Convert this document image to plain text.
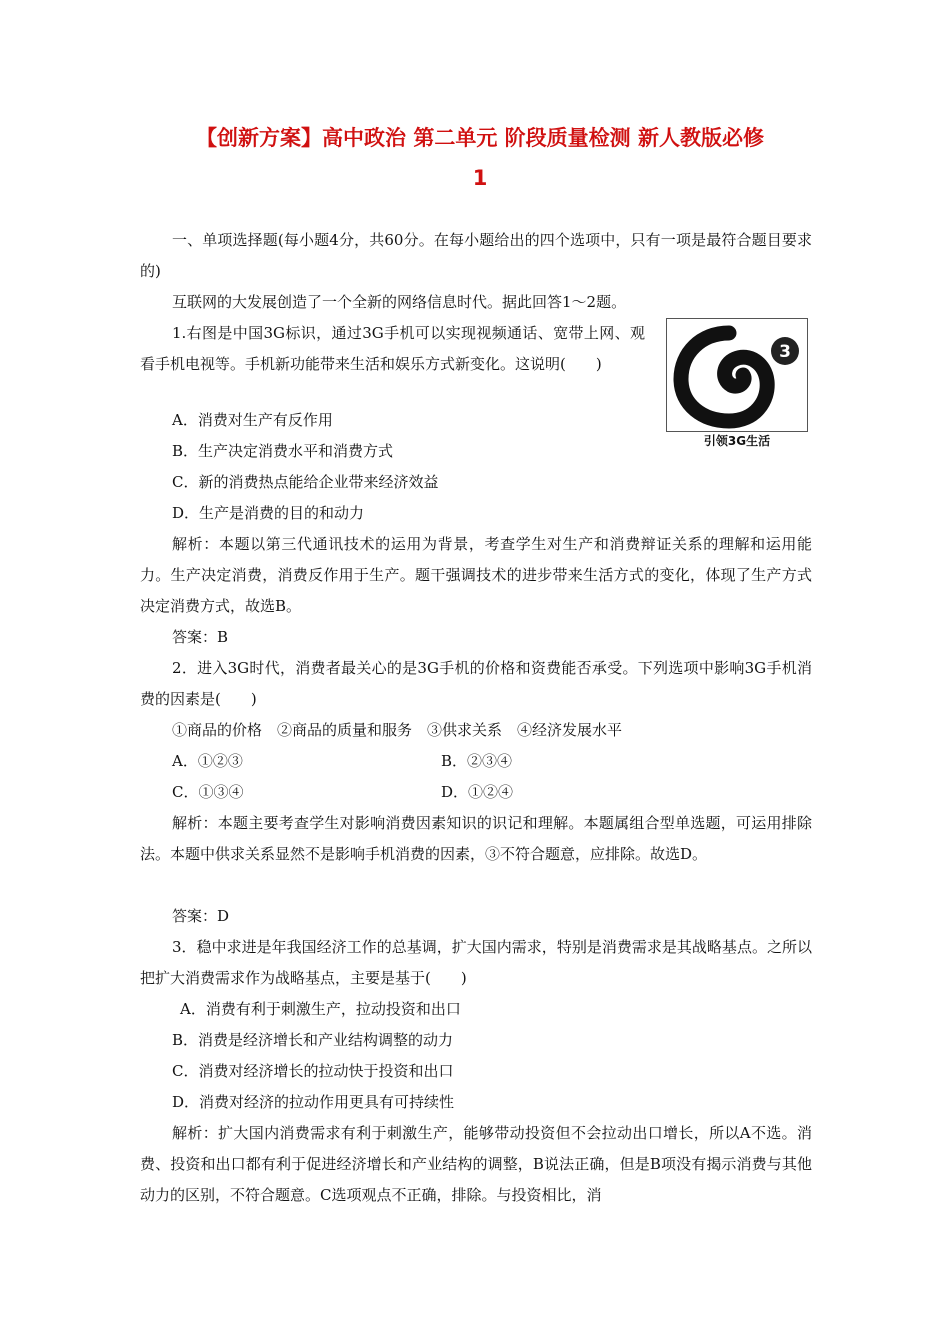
【创新方案】高中政治 第二单元 阶段质量检测 新人教版必修
1

一、单项选择题(每小题4分，共60分。在每小题给出的四个选项中，只有一项是最符合题目要求的)

互联网的大发展创造了一个全新的网络信息时代。据此回答1～2题。

1.右图是中国3G标识，通过3G手机可以实现视频通话、宽带上网、观看手机电视等。手机新功能带来生活和娱乐方式新变化。这说明(　　)

3
引领3G生活
A．消费对生产有反作用
B．生产决定消费水平和消费方式
C．新的消费热点能给企业带来经济效益
D．生产是消费的目的和动力

解析：本题以第三代通讯技术的运用为背景，考查学生对生产和消费辩证关系的理解和运用能力。生产决定消费，消费反作用于生产。题干强调技术的进步带来生活方式的变化，体现了生产方式决定消费方式，故选B。

答案：B

2．进入3G时代，消费者最关心的是3G手机的价格和资费能否承受。下列选项中影响3G手机消费的因素是(　　)

①商品的价格　②商品的质量和服务　③供求关系　④经济发展水平
A．①②③	B．②③④
C．①③④	D．①②④

解析：本题主要考查学生对影响消费因素知识的识记和理解。本题属组合型单选题，可运用排除法。本题中供求关系显然不是影响手机消费的因素，③不符合题意，应排除。故选D。

答案：D

3．稳中求进是年我国经济工作的总基调，扩大国内需求，特别是消费需求是其战略基点。之所以把扩大消费需求作为战略基点，主要是基于(　　)

A．消费有利于刺激生产，拉动投资和出口
B．消费是经济增长和产业结构调整的动力
C．消费对经济增长的拉动快于投资和出口
D．消费对经济的拉动作用更具有可持续性

解析：扩大国内消费需求有利于刺激生产，能够带动投资但不会拉动出口增长，所以A不选。消费、投资和出口都有利于促进经济增长和产业结构的调整，B说法正确，但是B项没有揭示消费与其他动力的区别，不符合题意。C选项观点不正确，排除。与投资相比，消
